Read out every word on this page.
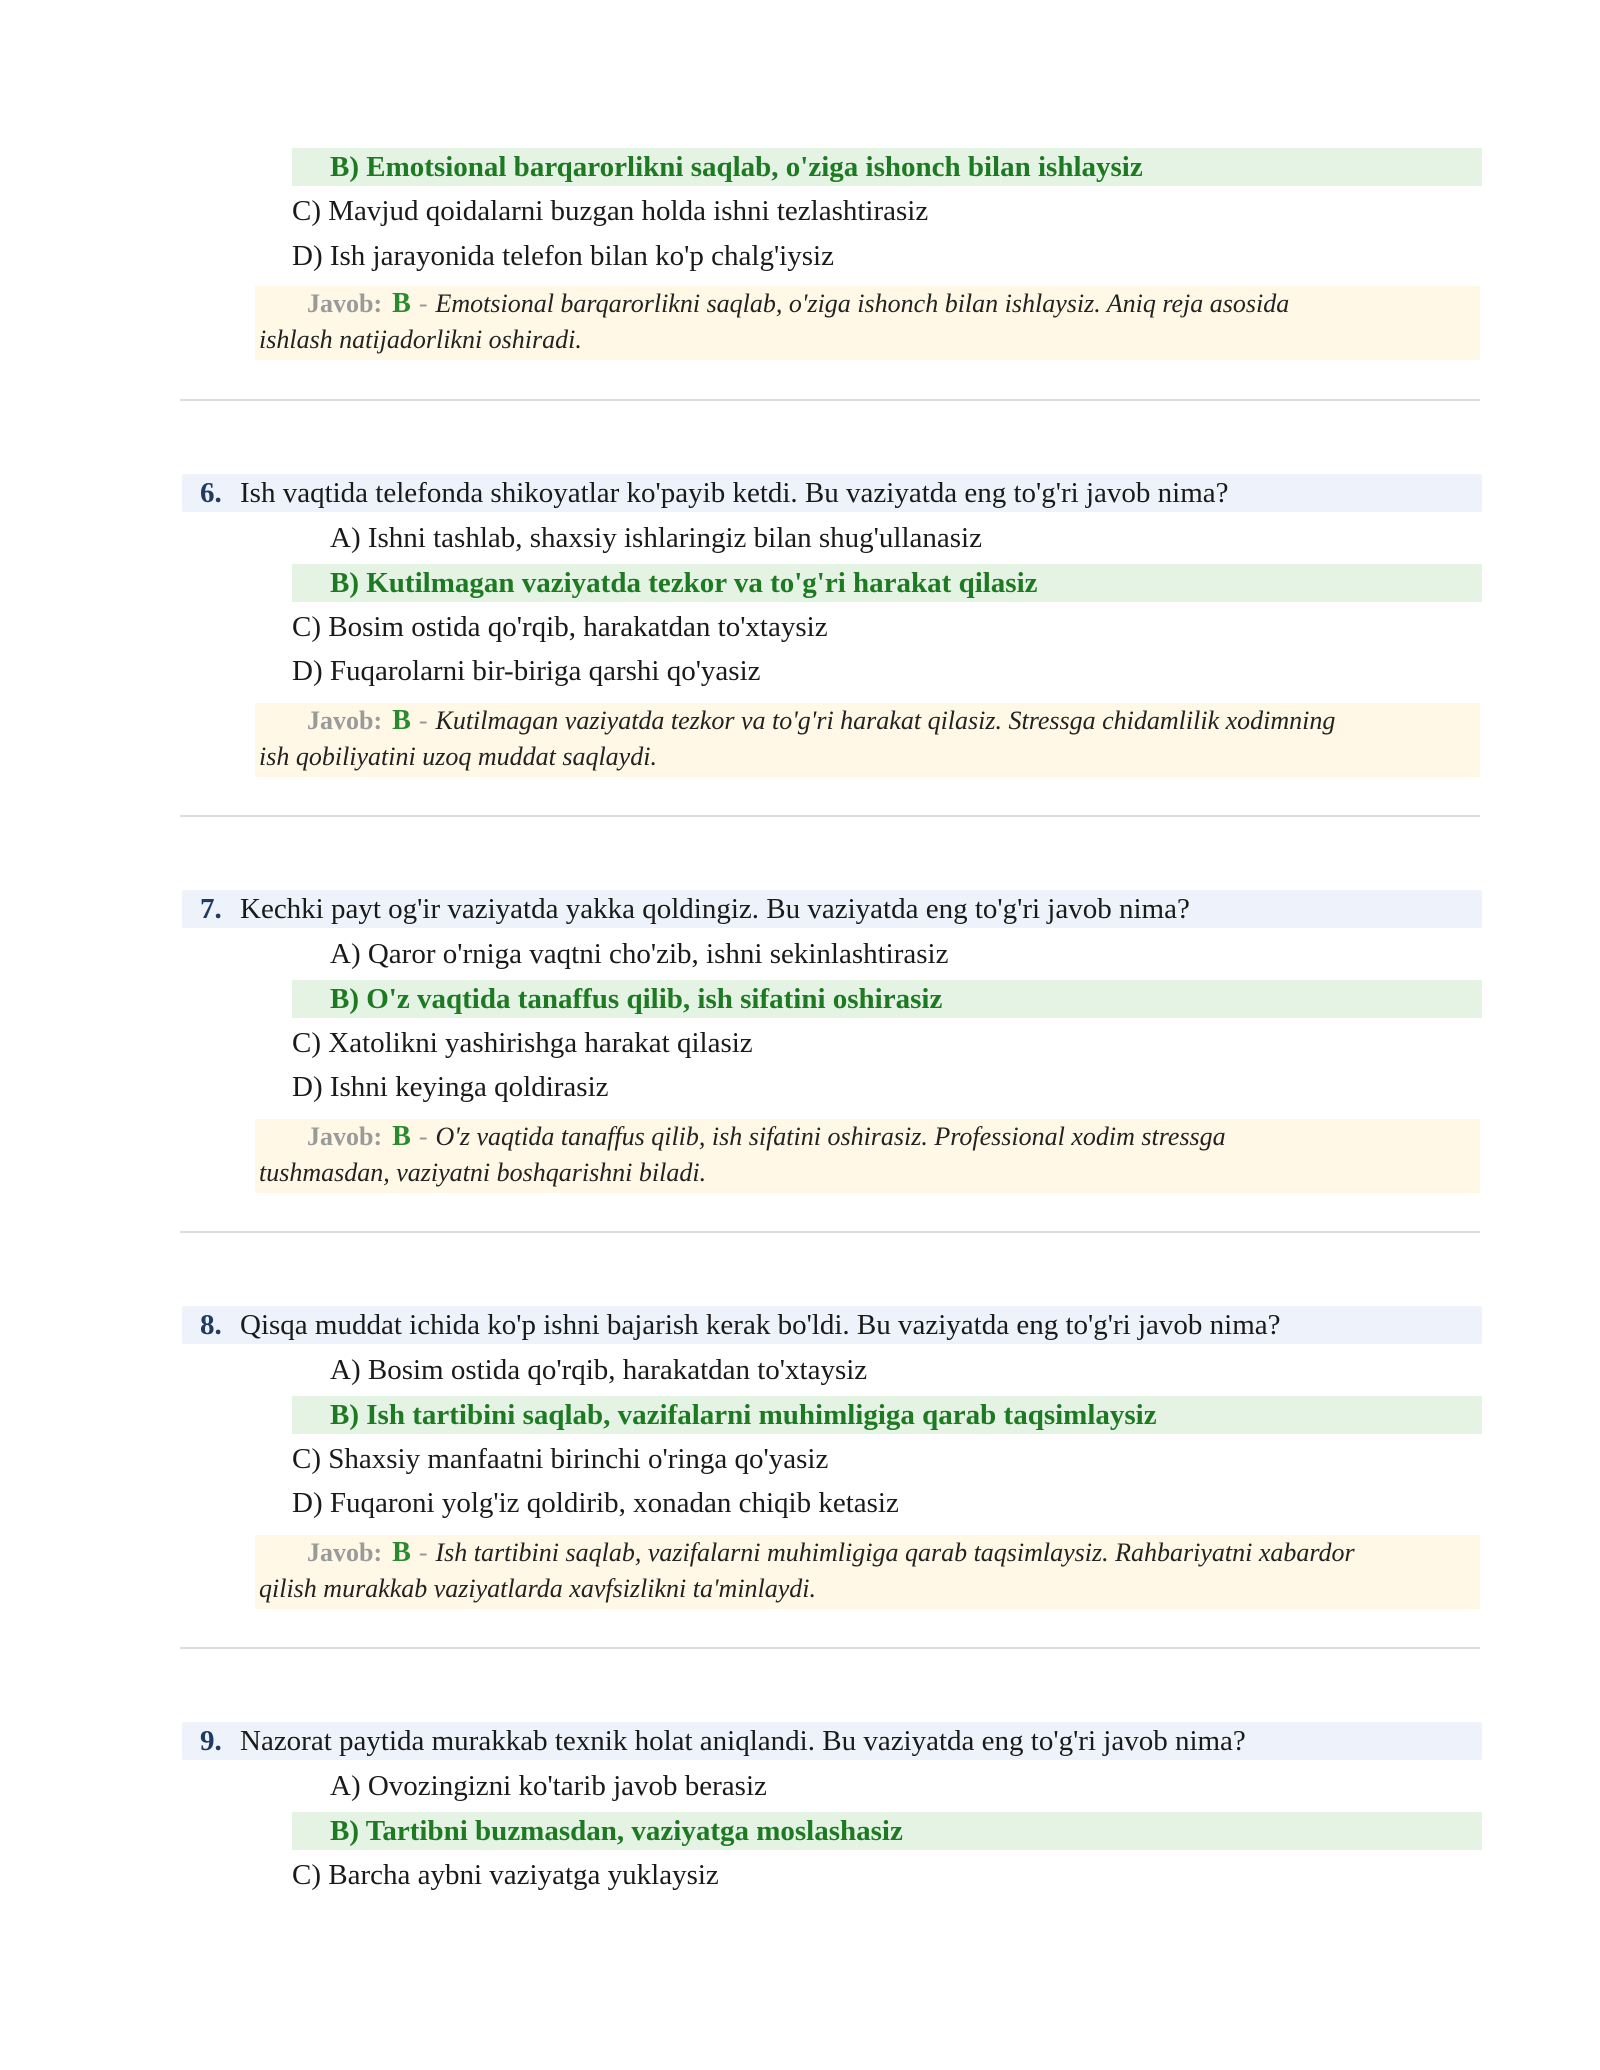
B) Emotsional barqarorlikni saqlab, o'ziga ishonch bilan ishlaysiz
C) Mavjud qoidalarni buzgan holda ishni tezlashtirasiz
D) Ish jarayonida telefon bilan ko'p chalg'iysiz
Javob: B - Emotsional barqarorlikni saqlab, o'ziga ishonch bilan ishlaysiz. Aniq reja asosida
ishlash natijadorlikni oshiradi.
6. Ish vaqtida telefonda shikoyatlar ko'payib ketdi. Bu vaziyatda eng to'g'ri javob nima?
A) Ishni tashlab, shaxsiy ishlaringiz bilan shug'ullanasiz
B) Kutilmagan vaziyatda tezkor va to'g'ri harakat qilasiz
C) Bosim ostida qo'rqib, harakatdan to'xtaysiz
D) Fuqarolarni bir-biriga qarshi qo'yasiz
Javob: B - Kutilmagan vaziyatda tezkor va to'g'ri harakat qilasiz. Stressga chidamlilik xodimning
ish qobiliyatini uzoq muddat saqlaydi.
7. Kechki payt og'ir vaziyatda yakka qoldingiz. Bu vaziyatda eng to'g'ri javob nima?
A) Qaror o'rniga vaqtni cho'zib, ishni sekinlashtirasiz
B) O'z vaqtida tanaffus qilib, ish sifatini oshirasiz
C) Xatolikni yashirishga harakat qilasiz
D) Ishni keyinga qoldirasiz
Javob: B - O'z vaqtida tanaffus qilib, ish sifatini oshirasiz. Professional xodim stressga
tushmasdan, vaziyatni boshqarishni biladi.
8. Qisqa muddat ichida ko'p ishni bajarish kerak bo'ldi. Bu vaziyatda eng to'g'ri javob nima?
A) Bosim ostida qo'rqib, harakatdan to'xtaysiz
B) Ish tartibini saqlab, vazifalarni muhimligiga qarab taqsimlaysiz
C) Shaxsiy manfaatni birinchi o'ringa qo'yasiz
D) Fuqaroni yolg'iz qoldirib, xonadan chiqib ketasiz
Javob: B - Ish tartibini saqlab, vazifalarni muhimligiga qarab taqsimlaysiz. Rahbariyatni xabardor
qilish murakkab vaziyatlarda xavfsizlikni ta'minlaydi.
9. Nazorat paytida murakkab texnik holat aniqlandi. Bu vaziyatda eng to'g'ri javob nima?
A) Ovozingizni ko'tarib javob berasiz
B) Tartibni buzmasdan, vaziyatga moslashasiz
C) Barcha aybni vaziyatga yuklaysiz
